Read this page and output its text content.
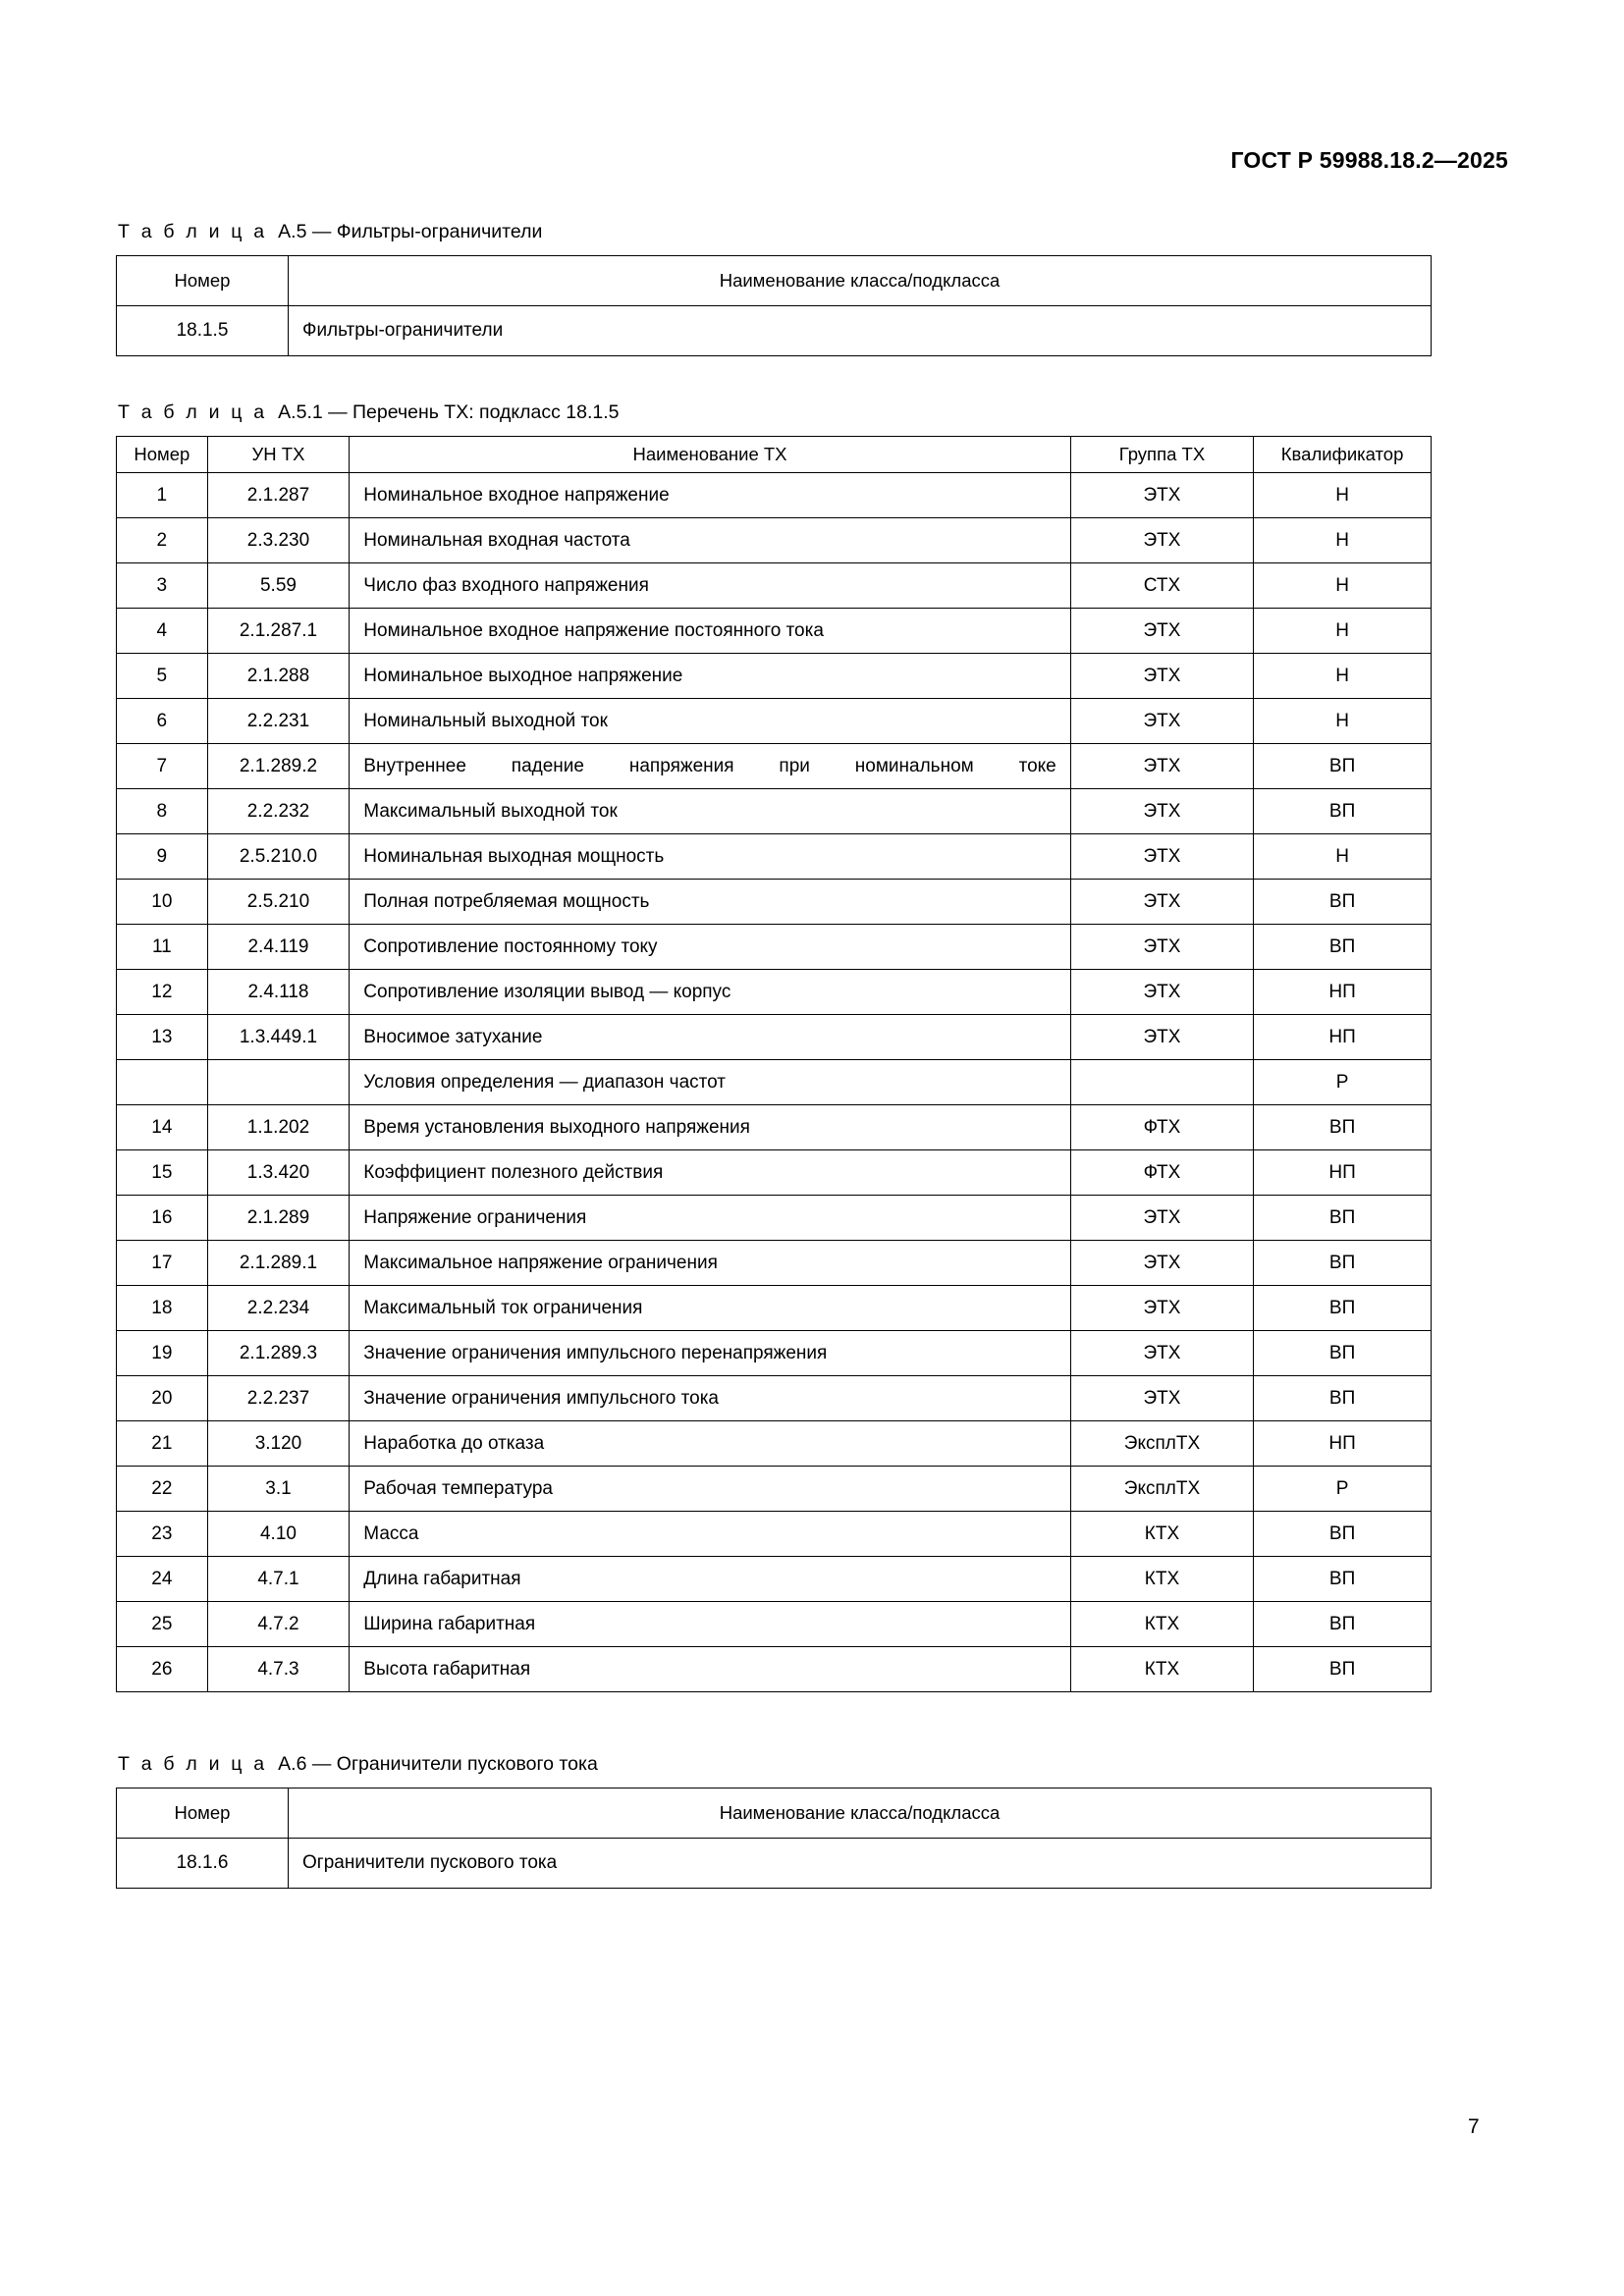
ГОСТ Р 59988.18.2—2025
Т а б л и ц а А.5 — Фильтры-ограничители
Номер	Наименование класса/подкласса
18.1.5	Фильтры-ограничители
Т а б л и ц а А.5.1 — Перечень ТХ: подкласс 18.1.5
Номер	УН ТХ	Наименование ТХ	Группа ТХ	Квалификатор
1	2.1.287	Номинальное входное напряжение	ЭТХ	Н
2	2.3.230	Номинальная входная частота	ЭТХ	Н
3	5.59	Число фаз входного напряжения	СТХ	Н
4	2.1.287.1	Номинальное входное напряжение постоянного тока	ЭТХ	Н
5	2.1.288	Номинальное выходное напряжение	ЭТХ	Н
6	2.2.231	Номинальный выходной ток	ЭТХ	Н
7	2.1.289.2	Внутреннее падение напряжения при номинальном токе	ЭТХ	ВП
8	2.2.232	Максимальный выходной ток	ЭТХ	ВП
9	2.5.210.0	Номинальная выходная мощность	ЭТХ	Н
10	2.5.210	Полная потребляемая мощность	ЭТХ	ВП
11	2.4.119	Сопротивление постоянному току	ЭТХ	ВП
12	2.4.118	Сопротивление изоляции вывод — корпус	ЭТХ	НП
13	1.3.449.1	Вносимое затухание	ЭТХ	НП
		Условия определения — диапазон частот		Р
14	1.1.202	Время установления выходного напряжения	ФТХ	ВП
15	1.3.420	Коэффициент полезного действия	ФТХ	НП
16	2.1.289	Напряжение ограничения	ЭТХ	ВП
17	2.1.289.1	Максимальное напряжение ограничения	ЭТХ	ВП
18	2.2.234	Максимальный ток ограничения	ЭТХ	ВП
19	2.1.289.3	Значение ограничения импульсного перенапряжения	ЭТХ	ВП
20	2.2.237	Значение ограничения импульсного тока	ЭТХ	ВП
21	3.120	Наработка до отказа	ЭксплТХ	НП
22	3.1	Рабочая температура	ЭксплТХ	Р
23	4.10	Масса	КТХ	ВП
24	4.7.1	Длина габаритная	КТХ	ВП
25	4.7.2	Ширина габаритная	КТХ	ВП
26	4.7.3	Высота габаритная	КТХ	ВП
Т а б л и ц а А.6 — Ограничители пускового тока
Номер	Наименование класса/подкласса
18.1.6	Ограничители пускового тока
7
